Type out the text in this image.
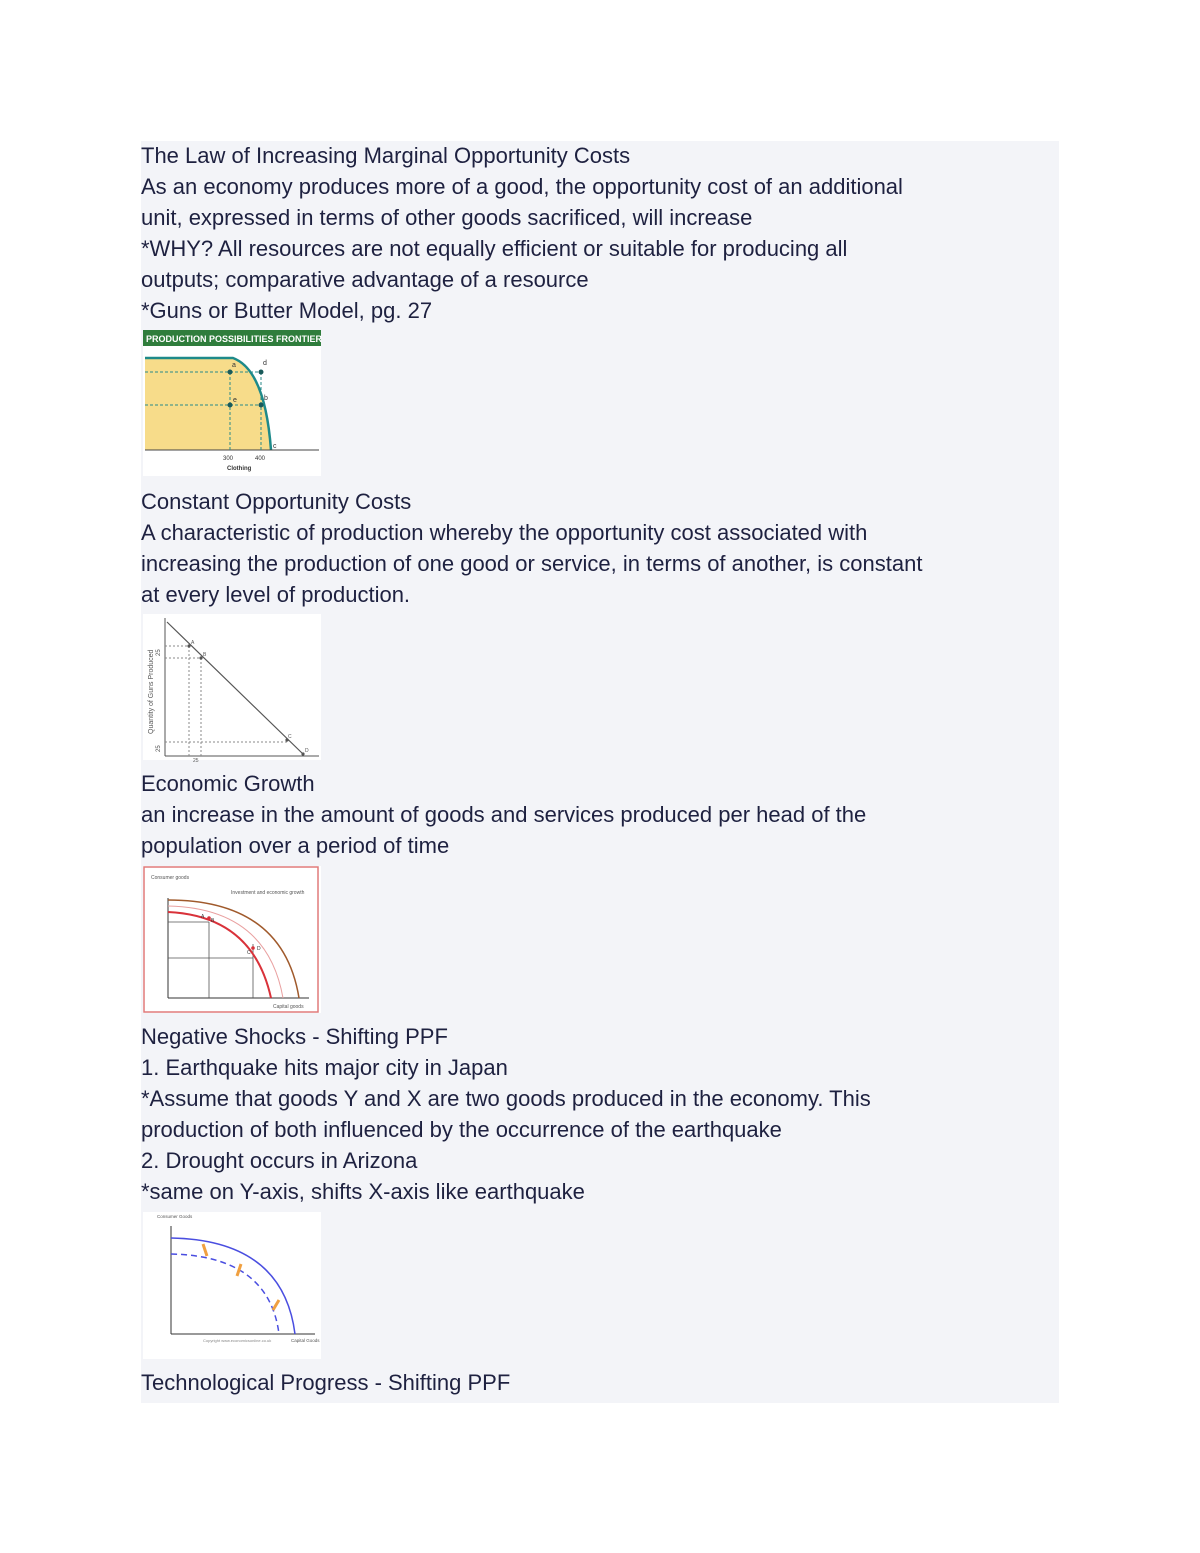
The Law of Increasing Marginal Opportunity Costs

As an economy produces more of a good, the opportunity cost of an additional

unit, expressed in terms of other goods sacrificed, will increase

*WHY? All resources are not equally efficient or suitable for producing all

outputs; comparative advantage of a resource

*Guns or Butter Model, pg. 27

PRODUCTION POSSIBILITIES FRONTIER
a	d
e	b
c
300	400
Clothing

Constant Opportunity Costs

A characteristic of production whereby the opportunity cost associated with

increasing the production of one good or service, in terms of another, is constant

at every level of production.

A
B
C
D
Quantity of Guns Produced 25
25
25

Economic Growth

an increase in the amount of goods and services produced per head of the

population over a period of time

Consumer goods
Investment and economic growth
A
B
C
D
Capital goods

Negative Shocks - Shifting PPF

1. Earthquake hits major city in Japan

*Assume that goods Y and X are two goods produced in the economy. This

production of both influenced by the occurrence of the earthquake

2. Drought occurs in Arizona

*same on Y-axis, shifts X-axis like earthquake

Consumer Goods
Copyright www.economicsonline.co.uk	Capital Goods

Technological Progress - Shifting PPF
